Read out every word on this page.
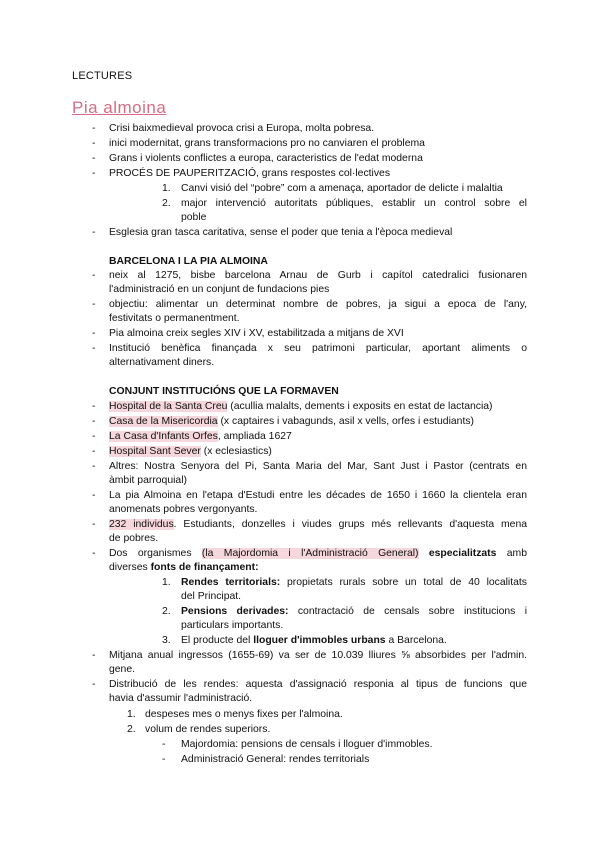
LECTURES
Pia almoina
- Crisi baixmedieval provoca crisi a Europa, molta pobresa.
- inici modernitat, grans transformacions pro no canviaren el problema
- Grans i violents conflictes a europa, caracteristics de l'edat moderna
- PROCÉS DE PAUPERITZACIÓ, grans respostes col·lectives
1. Canvi visió del “pobre” com a amenaça, aportador de delicte i malaltia
2. major intervenció autoritats públiques, establir un control sobre el
poble
- Esglesia gran tasca caritativa, sense el poder que tenia a l'època medieval
BARCELONA I LA PIA ALMOINA
- neix al 1275, bisbe barcelona Arnau de Gurb i capítol catedralici fusionaren
l'administració en un conjunt de fundacions pies
- objectiu: alimentar un determinat nombre de pobres, ja sigui a epoca de l'any,
festivitats o permanentment.
- Pia almoina creix segles XIV i XV, estabilitzada a mitjans de XVI
- Institució benèfica finançada x seu patrimoni particular, aportant aliments o
alternativament diners.
CONJUNT INSTITUCIÓNS QUE LA FORMAVEN
- Hospital de la Santa Creu (acullia malalts, dements i exposits en estat de lactancia)
- Casa de la Misericordia (x captaires i vabagunds, asil x vells, orfes i estudiants)
- La Casa d'Infants Orfes, ampliada 1627
- Hospital Sant Sever (x eclesiastics)
- Altres: Nostra Senyora del Pi, Santa Maria del Mar, Sant Just i Pastor (centrats en
àmbit parroquial)
- La pia Almoina en l'etapa d'Estudi entre les décades de 1650 i 1660 la clientela eran
anomenats pobres vergonyants.
- 232 individus. Estudiants, donzelles i viudes grups més rellevants d'aquesta mena
de pobres.
- Dos organismes (la Majordomia i l'Administració General) especialitzats amb
diverses fonts de finançament:
1. Rendes territorials: propietats rurals sobre un total de 40 localitats
del Principat.
2. Pensions derivades: contractació de censals sobre institucions i
particulars importants.
3. El producte del lloguer d'immobles urbans a Barcelona.
- Mitjana anual ingressos (1655-69) va ser de 10.039 lliures ⅝ absorbides per l'admin.
gene.
- Distribució de les rendes: aquesta d'assignació responia al tipus de funcions que
havia d'assumir l'administració.
1. despeses mes o menys fixes per l'almoina.
2. volum de rendes superiors.
- Majordomia: pensions de censals i lloguer d'immobles.
- Administració General: rendes territorials
